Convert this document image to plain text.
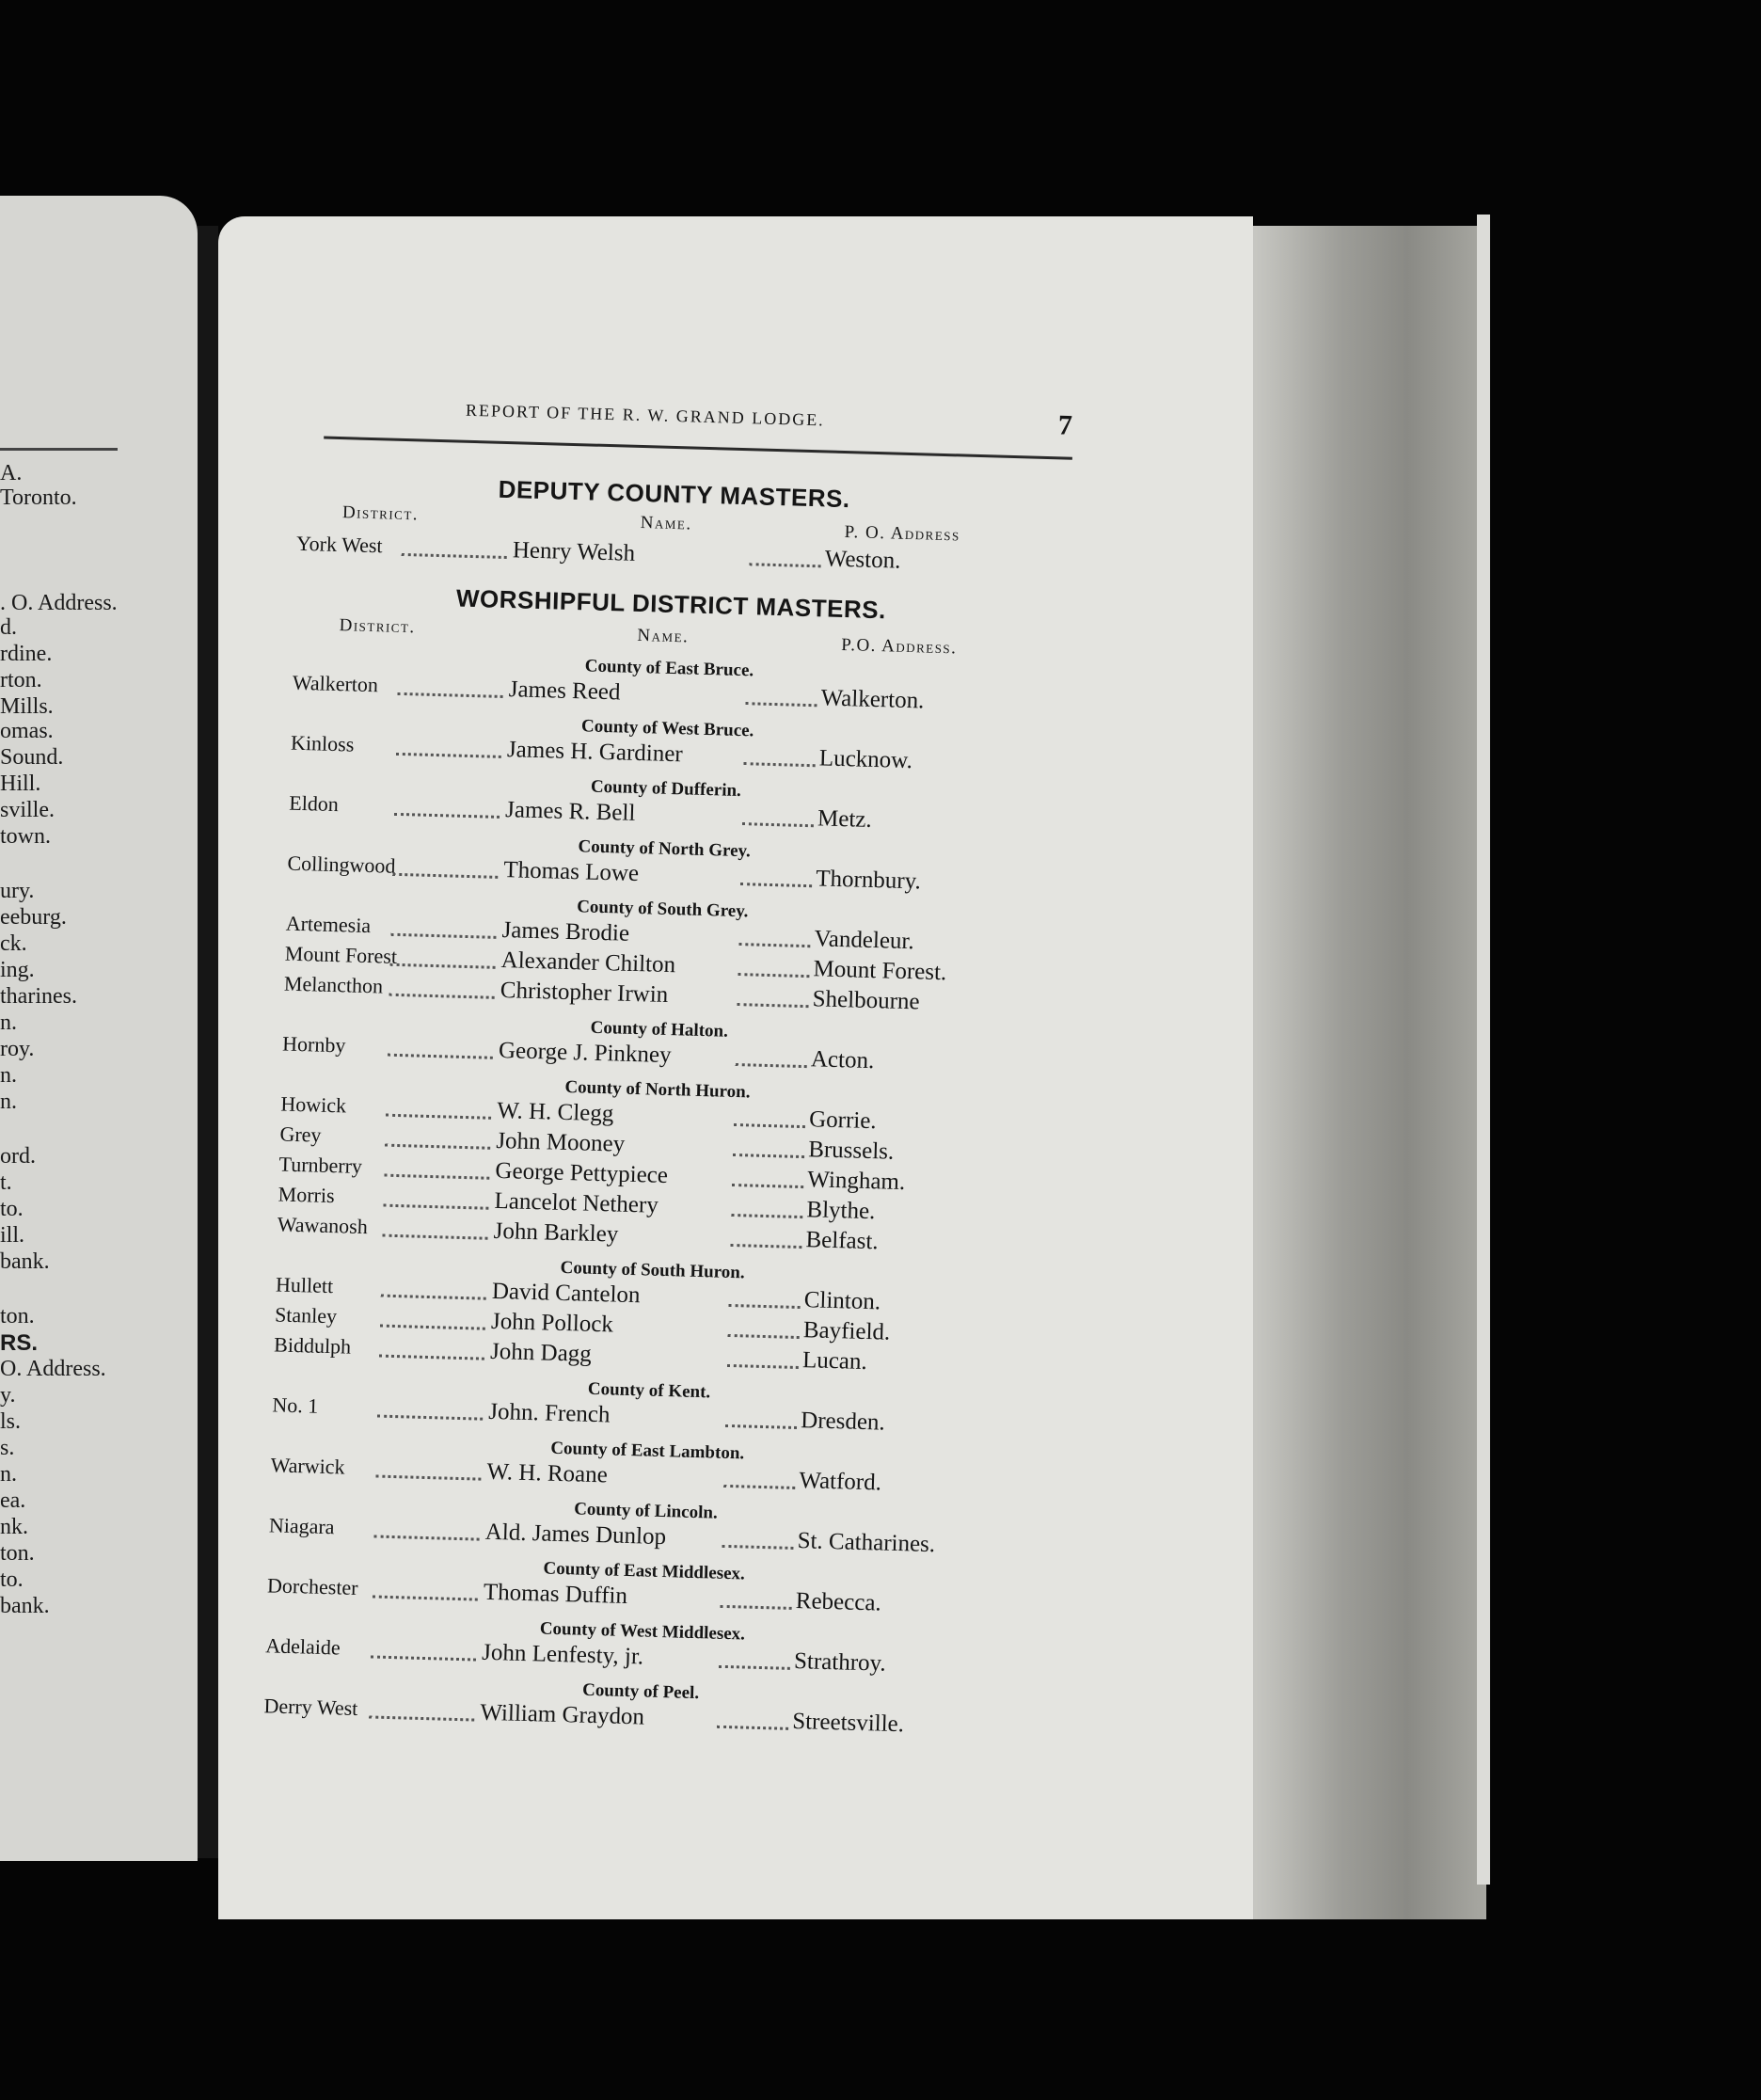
A.
Toronto.
. O. Address.
d.
rdine.
rton.
Mills.
omas.
Sound.
Hill.
sville.
town.
ury.
eeburg.
ck.
ing.
tharines.
n.
roy.
n.
n.
ord.
t.
to.
ill.
bank.
ton.
RS.
O. Address.
y.
ls.
s.
n.
ea.
nk.
ton.
to.
bank.
REPORT OF THE R. W. GRAND LODGE.	7
DEPUTY COUNTY MASTERS.
District.	Name.	P. O. Address
York West	Henry Welsh	Weston.
WORSHIPFUL DISTRICT MASTERS.
District.	Name.	P.O. Address.
County of East Bruce.
Walkerton	James Reed	Walkerton.
County of West Bruce.
Kinloss	James H. Gardiner	Lucknow.
County of Dufferin.
Eldon	James R. Bell	Metz.
County of North Grey.
Collingwood	Thomas Lowe	Thornbury.
County of South Grey.
Artemesia	James Brodie	Vandeleur.
Mount Forest	Alexander Chilton	Mount Forest.
Melancthon	Christopher Irwin	Shelbourne
County of Halton.
Hornby	George J. Pinkney	Acton.
County of North Huron.
Howick	W. H. Clegg	Gorrie.
Grey	John Mooney	Brussels.
Turnberry	George Pettypiece	Wingham.
Morris	Lancelot Nethery	Blythe.
Wawanosh	John Barkley	Belfast.
County of South Huron.
Hullett	David Cantelon	Clinton.
Stanley	John Pollock	Bayfield.
Biddulph	John Dagg	Lucan.
County of Kent.
No. 1	John. French	Dresden.
County of East Lambton.
Warwick	W. H. Roane	Watford.
County of Lincoln.
Niagara	Ald. James Dunlop	St. Catharines.
County of East Middlesex.
Dorchester	Thomas Duffin	Rebecca.
County of West Middlesex.
Adelaide	John Lenfesty, jr.	Strathroy.
County of Peel.
Derry West	William Graydon	Streetsville.
